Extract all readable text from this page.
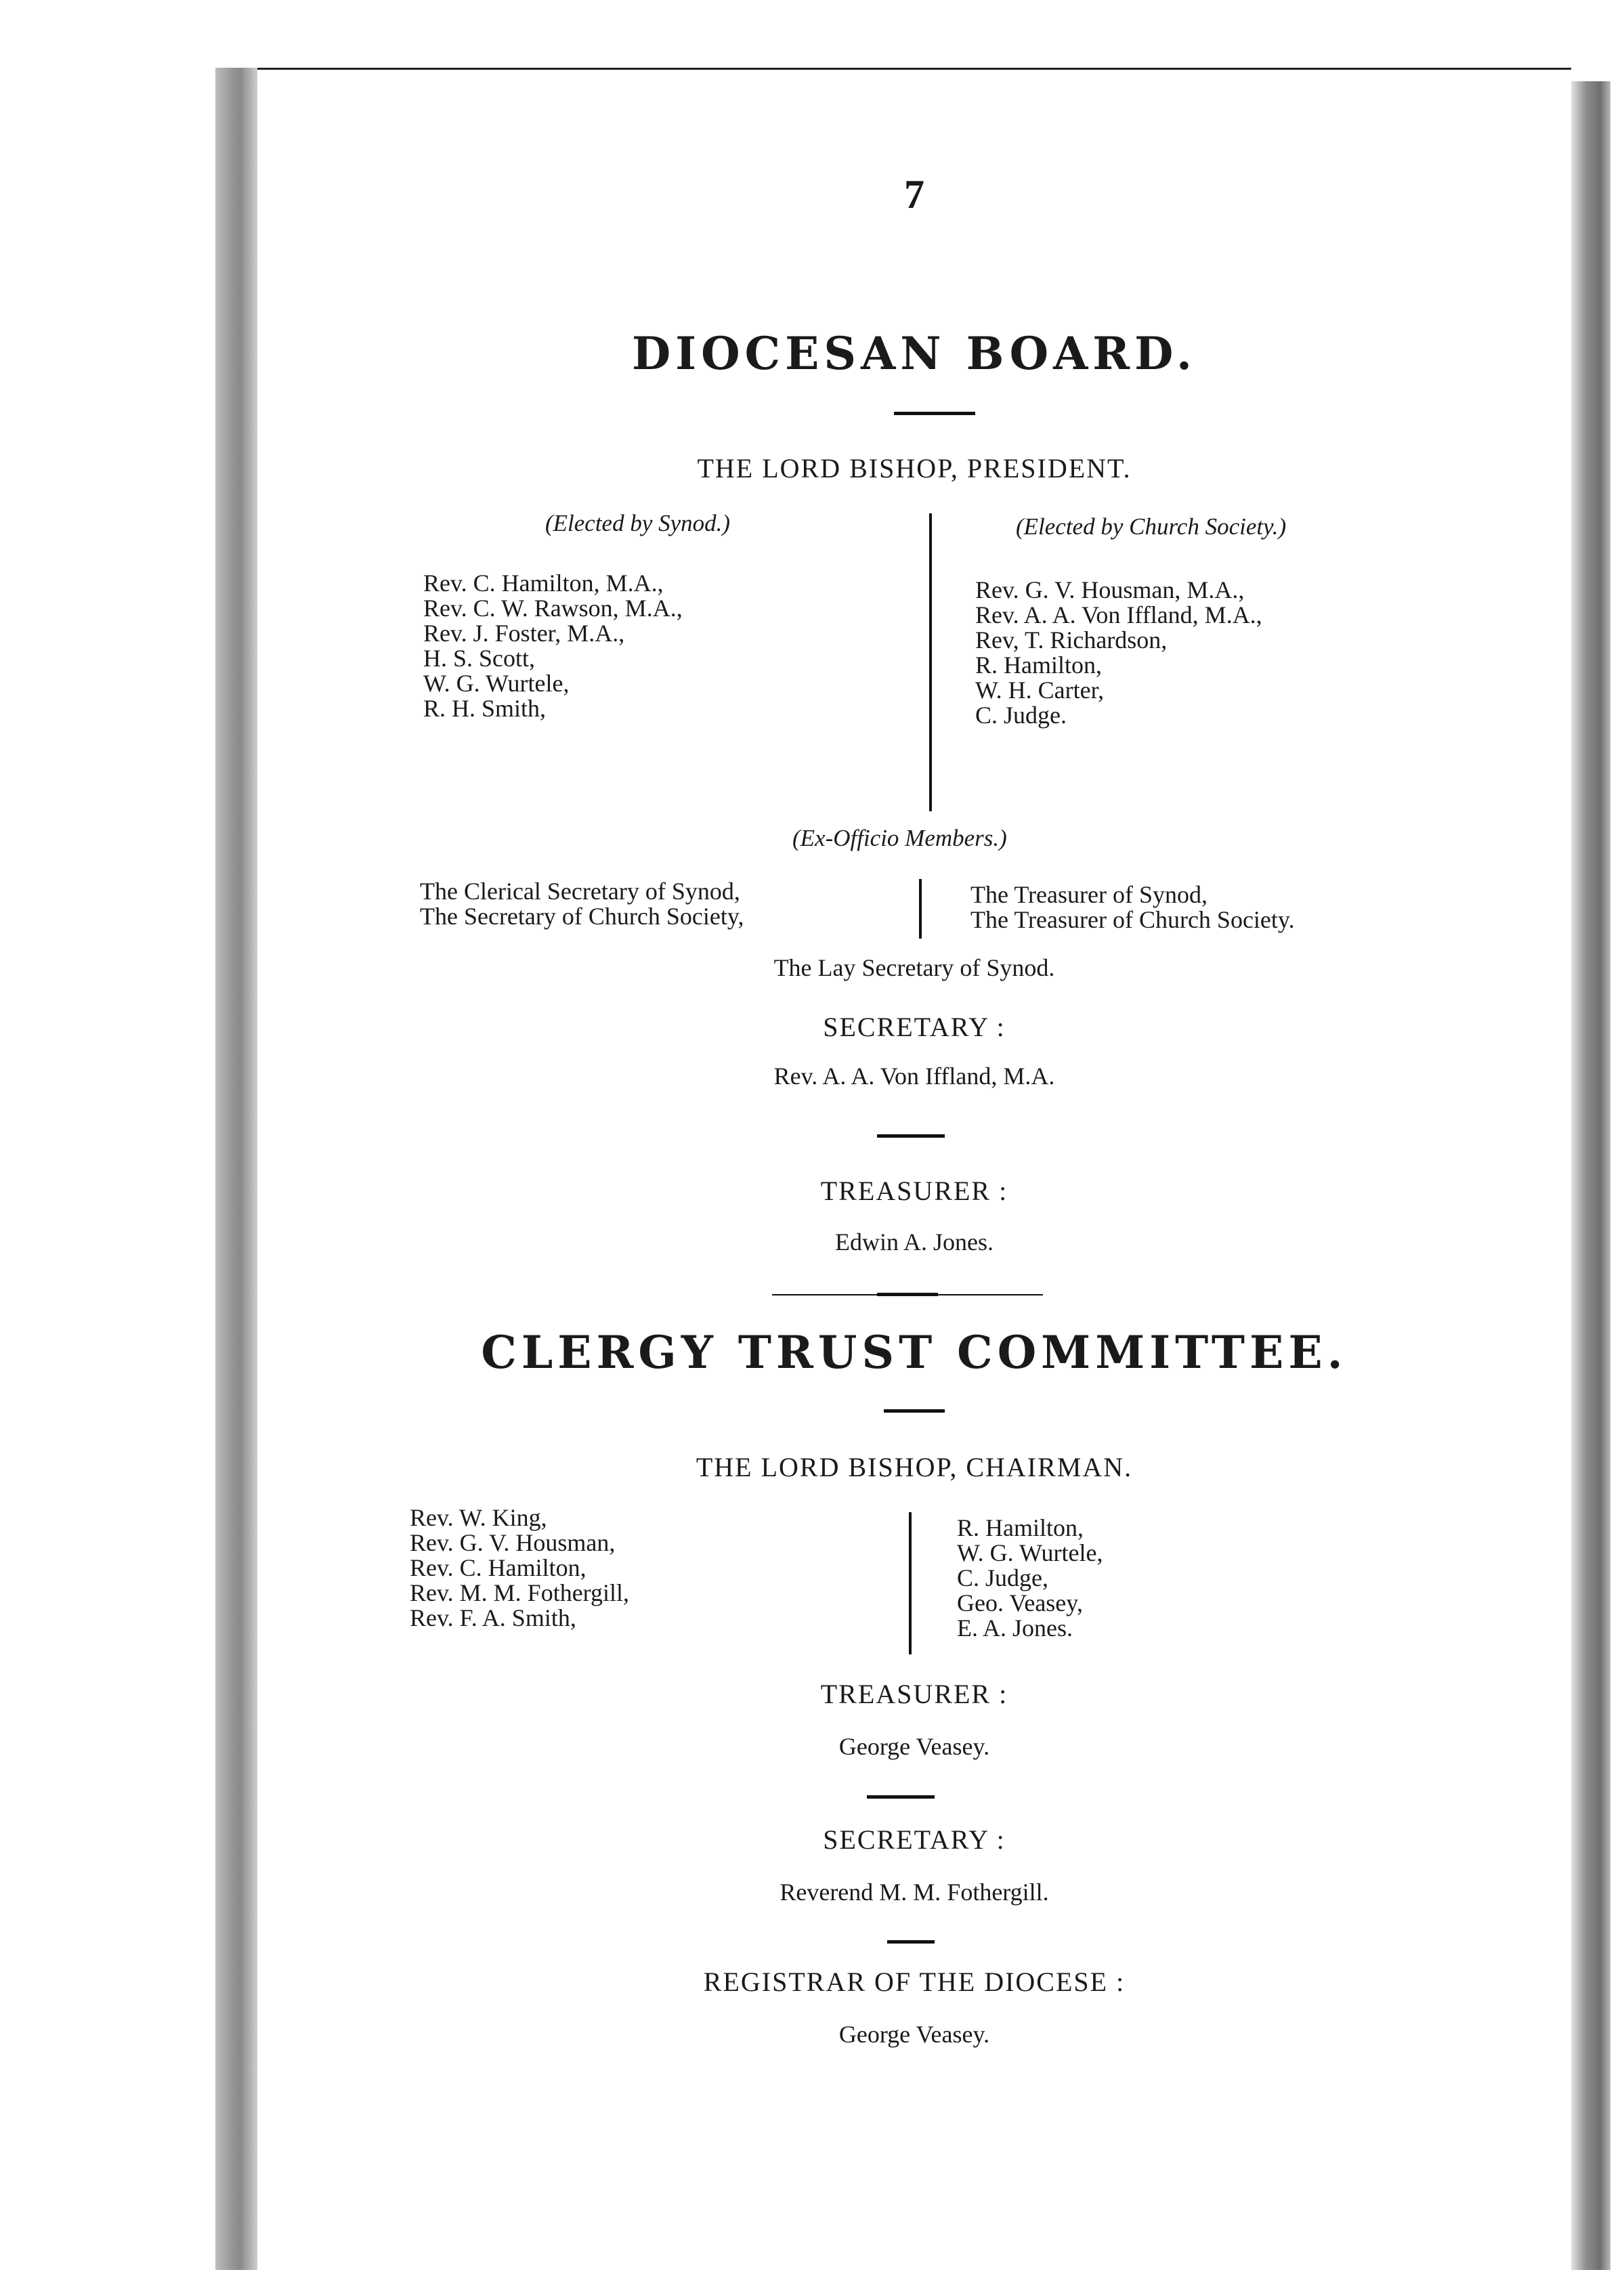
7
DIOCESAN BOARD.
THE LORD BISHOP, PRESIDENT.
(Elected by Synod.)	(Elected by Church Society.)
Rev. C. Hamilton, M.A.,
Rev. C. W. Rawson, M.A.,
Rev. J. Foster, M.A.,
H. S. Scott,
W. G. Wurtele,
R. H. Smith,
Rev. G. V. Housman, M.A.,
Rev. A. A. Von Iffland, M.A.,
Rev, T. Richardson,
R. Hamilton,
W. H. Carter,
C. Judge.
(Ex-Officio Members.)
The Clerical Secretary of Synod,
The Secretary of Church Society,
The Treasurer of Synod,
The Treasurer of Church Society.
The Lay Secretary of Synod.
SECRETARY :
Rev. A. A. Von Iffland, M.A.
TREASURER :
Edwin A. Jones.
CLERGY TRUST COMMITTEE.
THE LORD BISHOP, CHAIRMAN.
Rev. W. King,
Rev. G. V. Housman,
Rev. C. Hamilton,
Rev. M. M. Fothergill,
Rev. F. A. Smith,
R. Hamilton,
W. G. Wurtele,
C. Judge,
Geo. Veasey,
E. A. Jones.
TREASURER :
George Veasey.
SECRETARY :
Reverend M. M. Fothergill.
REGISTRAR OF THE DIOCESE :
George Veasey.
